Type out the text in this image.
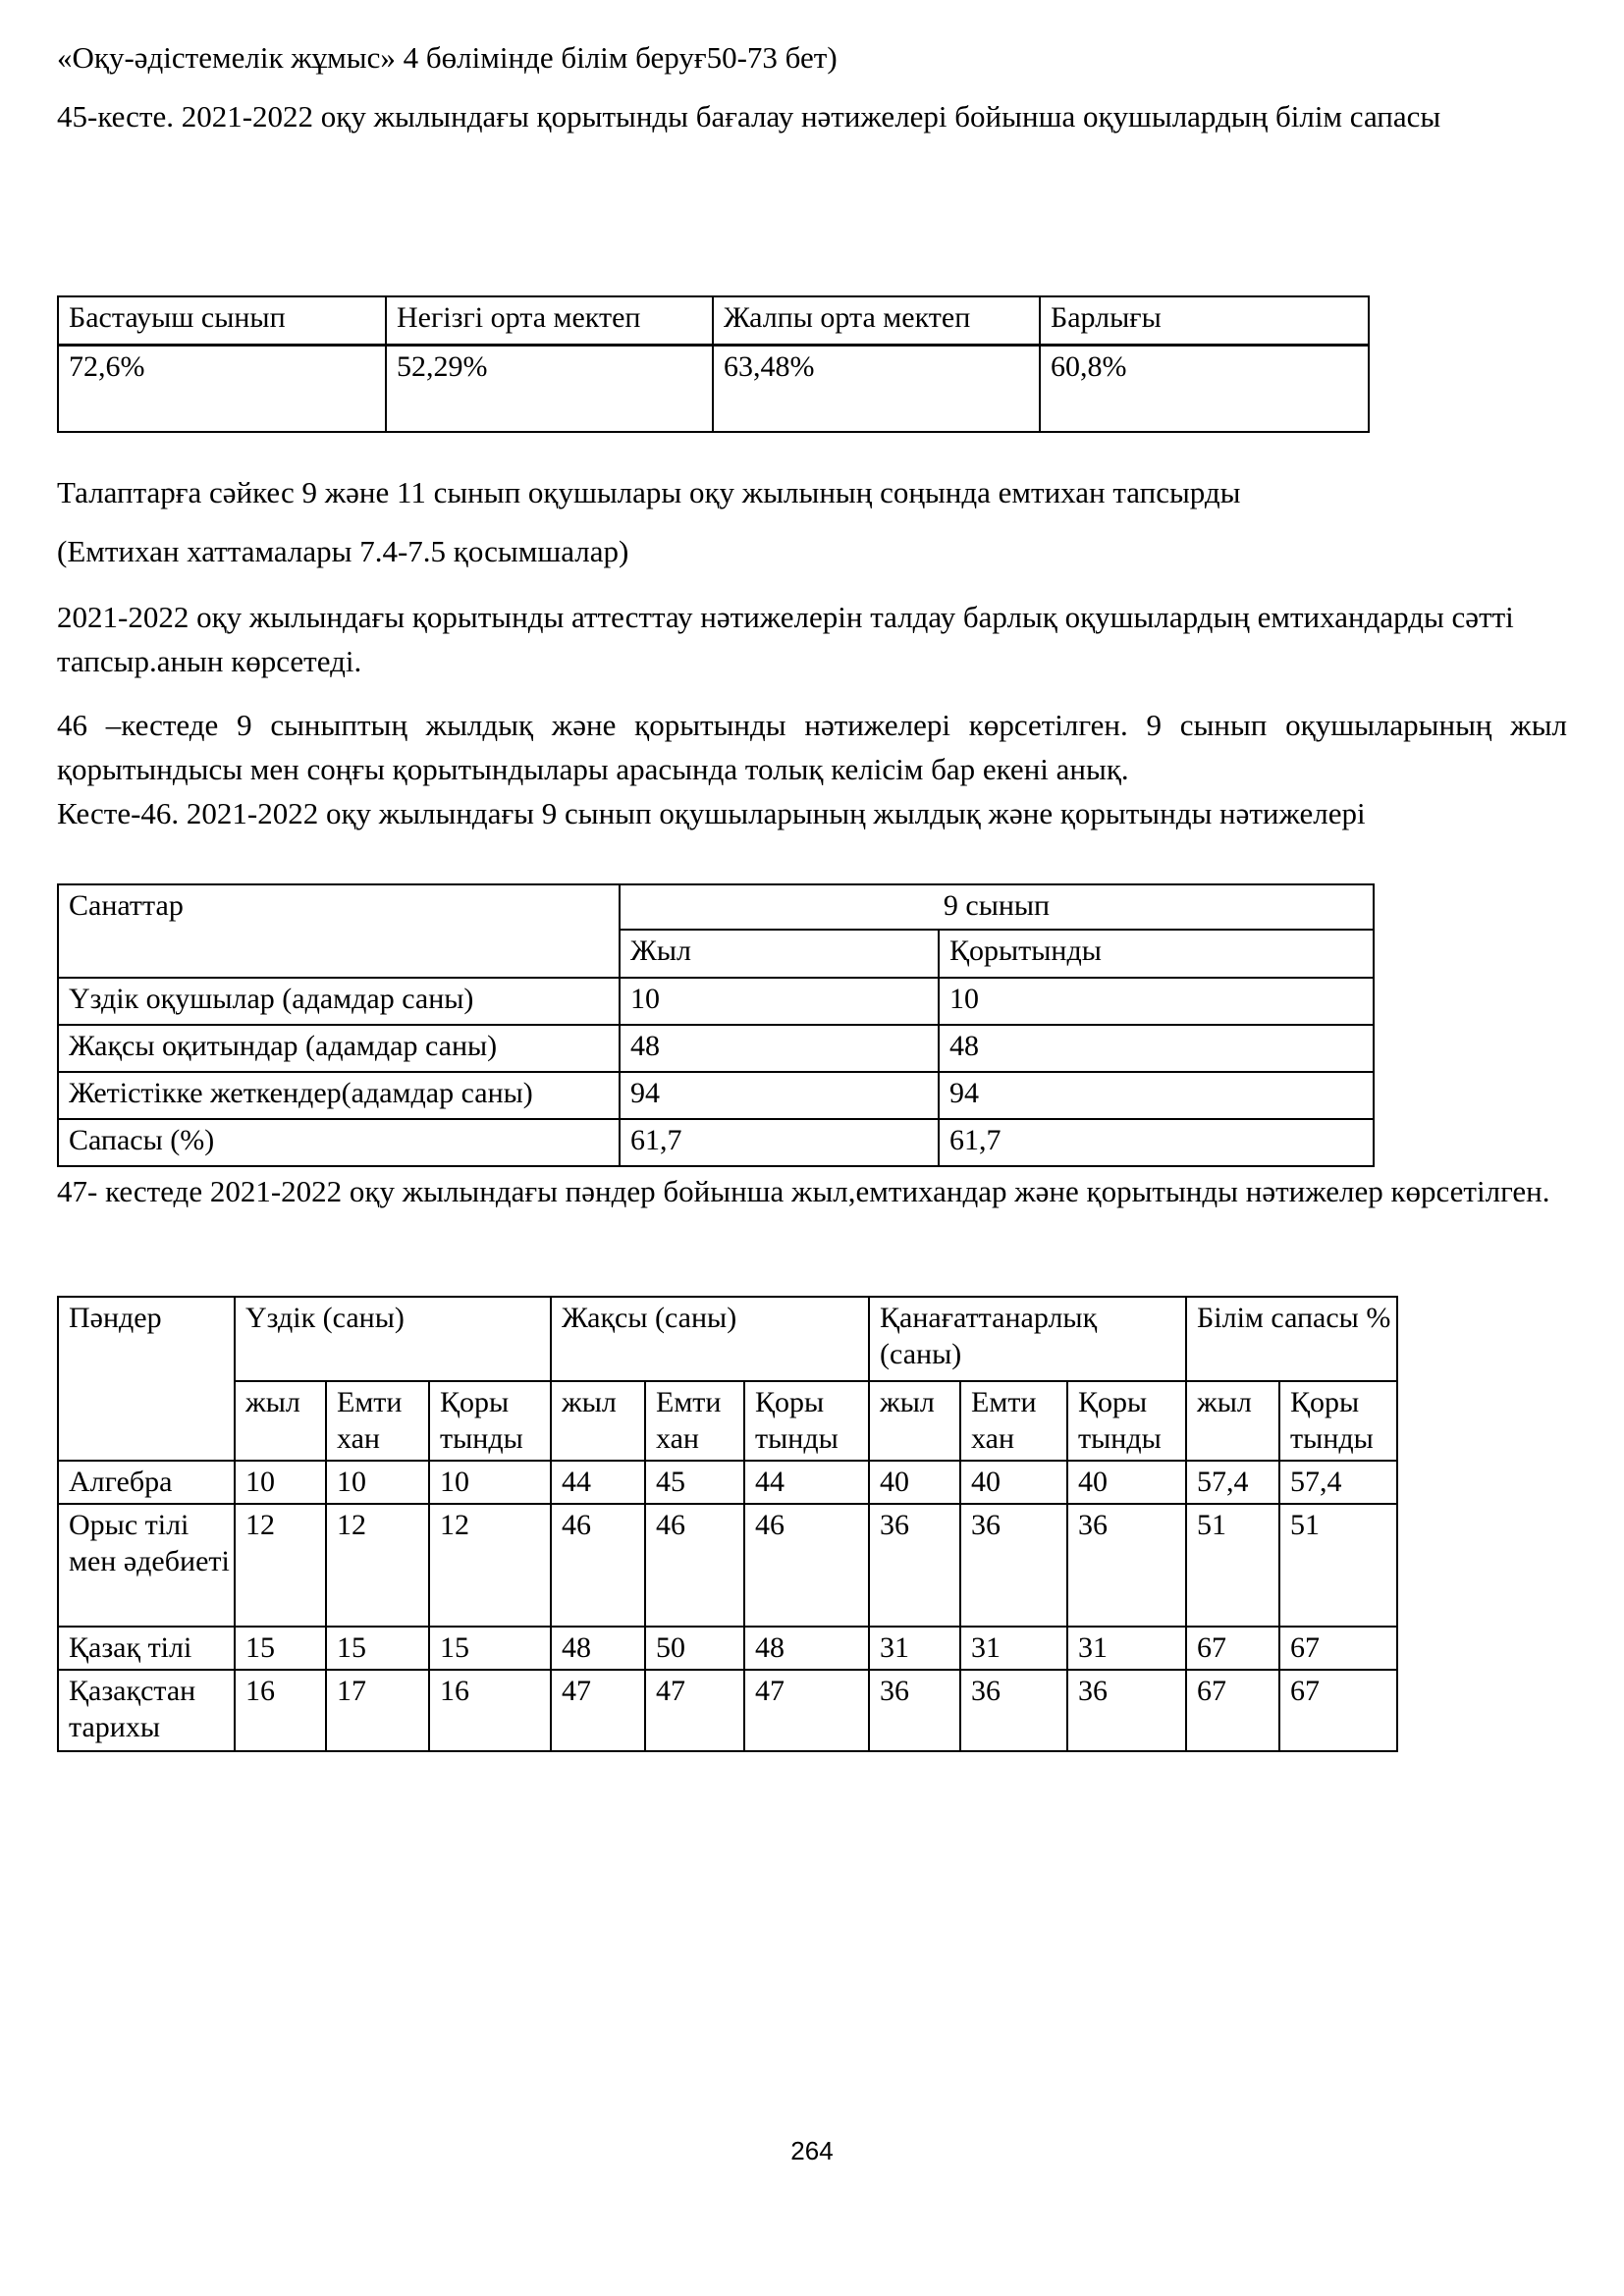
«Оқу-әдістемелік жұмыс» 4 бөлімінде білім беруғ50-73 бет)

45-кесте. 2021-2022 оқу жылындағы қорытынды бағалау нәтижелері бойынша оқушылардың білім сапасы

Бастауыш сынып	Негізгі орта мектеп	Жалпы орта мектеп	Барлығы
72,6%	52,29%	63,48%	60,8%

Талаптарға сәйкес 9 және 11 сынып оқушылары оқу жылының соңында емтихан тапсырды

(Емтихан хаттамалары 7.4-7.5 қосымшалар)

2021-2022 оқу жылындағы қорытынды аттесттау нәтижелерін талдау барлық оқушылардың емтихандарды сәтті тапсыр.анын көрсетеді.

46 –кестеде 9 сыныптың жылдық және қорытынды нәтижелері көрсетілген. 9 сынып оқушыларының жыл қорытындысы мен соңғы қорытындылары арасында толық келісім бар екені анық.

Кесте-46. 2021-2022 оқу жылындағы 9 сынып оқушыларының жылдық және қорытынды нәтижелері

Санаттар	9 сынып	
	Жыл	Қорытынды
Үздік оқушылар (адамдар саны)	10	10
Жақсы оқитындар (адамдар саны)	48	48
Жетістікке жеткендер(адамдар саны)	94	94
Сапасы (%)	61,7	61,7

47- кестеде 2021-2022 оқу жылындағы пәндер бойынша жыл,емтихандар және қорытынды нәтижелер көрсетілген.

Пәндер	Үздік (саны)			Жақсы (саны)			Қанағаттанарлық (саны)			Білім сапасы %	
	жыл	Емти хан	Қоры тынды	жыл	Емти хан	Қоры тынды	жыл	Емти хан	Қоры тынды	жыл	Қоры тынды
Алгебра	10	10	10	44	45	44	40	40	40	57,4	57,4
Орыс тілі мен әдебиеті	12	12	12	46	46	46	36	36	36	51	51
Қазақ тілі	15	15	15	48	50	48	31	31	31	67	67
Қазақстан тарихы	16	17	16	47	47	47	36	36	36	67	67
264
